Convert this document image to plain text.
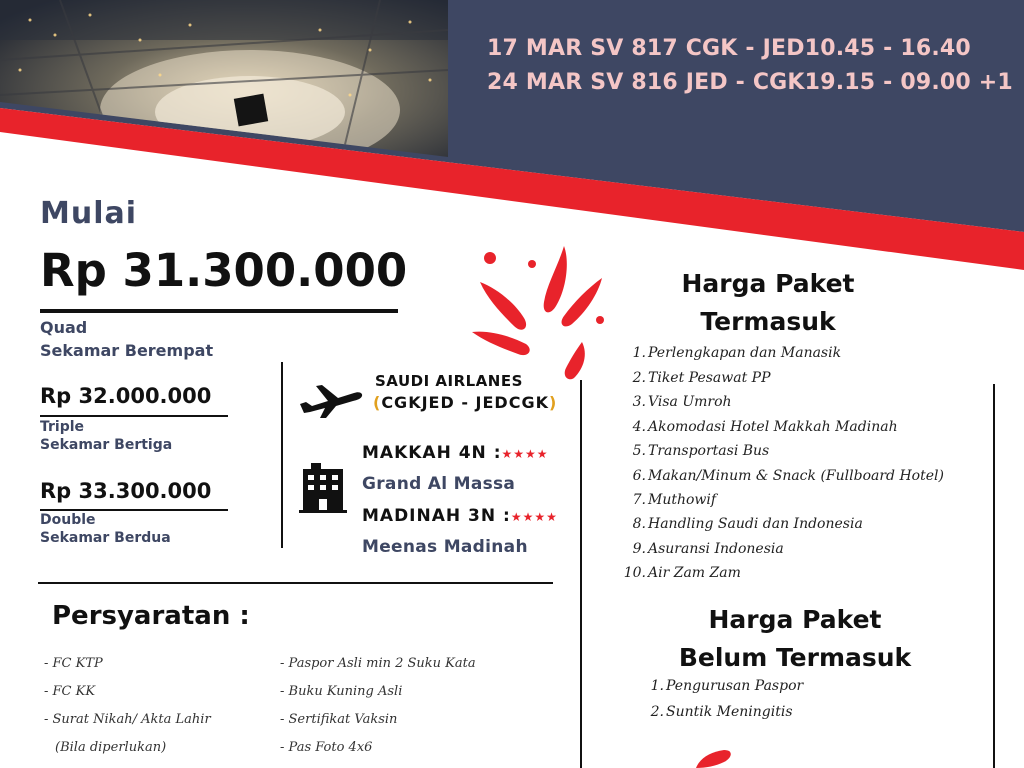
17 MAR SV 817 CGK - JED10.45 - 16.40
24 MAR SV 816 JED - CGK19.15 - 09.00 +1
Mulai
Rp 31.300.000
Quad
Sekamar Berempat
Rp 32.000.000
Triple
Sekamar Bertiga
Rp 33.300.000
Double
Sekamar Berdua
SAUDI AIRLANES
(CGKJED - JEDCGK)
MAKKAH 4N :★★★★
Grand Al Massa
MADINAH 3N :★★★★
Meenas Madinah
Persyaratan :
- FC KTP
- FC KK
- Surat Nikah/ Akta Lahir
(Bila diperlukan)
- Paspor Asli min 2 Suku Kata
- Buku Kuning Asli
- Sertifikat Vaksin
- Pas Foto 4x6
Harga Paket
Termasuk
1. Perlengkapan dan Manasik
2. Tiket Pesawat PP
3. Visa Umroh
4. Akomodasi Hotel Makkah Madinah
5. Transportasi Bus
6. Makan/Minum & Snack (Fullboard Hotel)
7. Muthowif
8. Handling Saudi dan Indonesia
9. Asuransi Indonesia
10. Air Zam Zam
Harga Paket
Belum Termasuk
1. Pengurusan Paspor
2. Suntik Meningitis
